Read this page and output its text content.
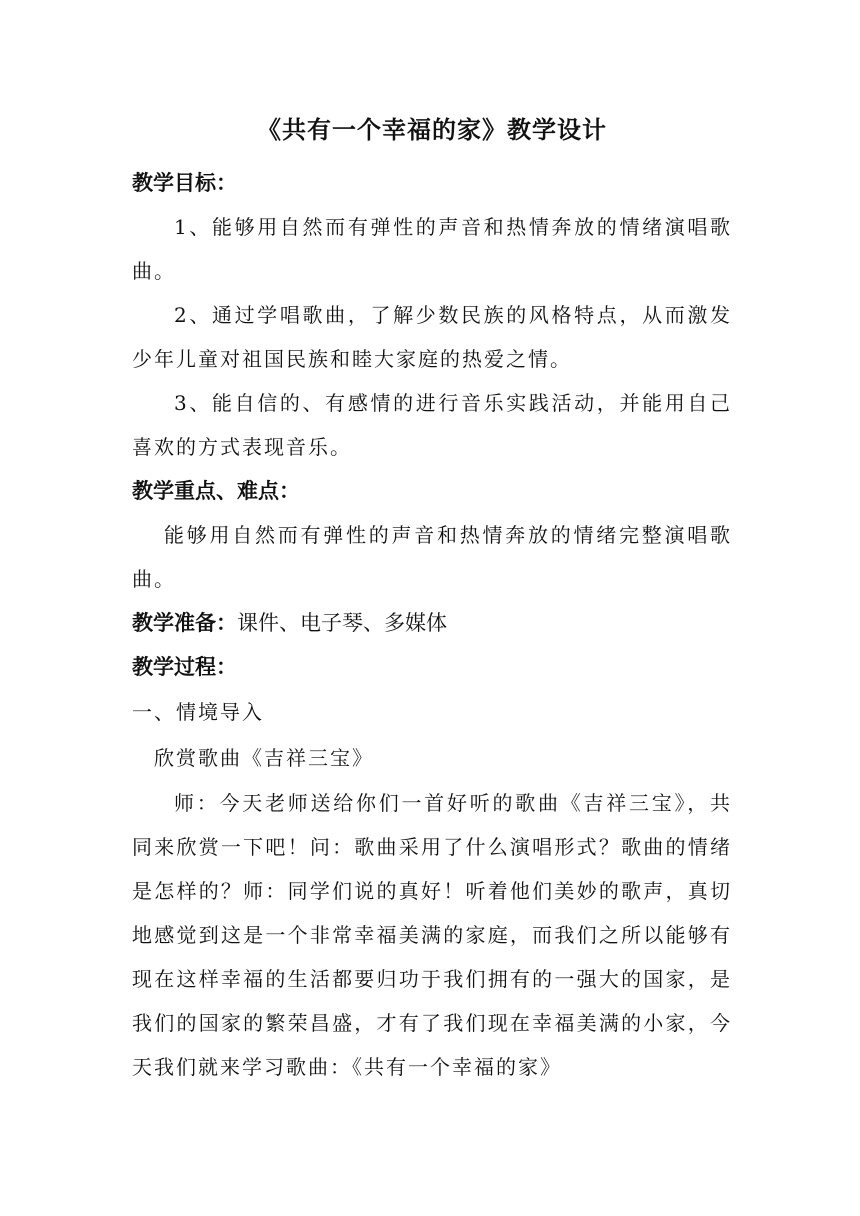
《共有一个幸福的家》教学设计

教学目标：

1、能够用自然而有弹性的声音和热情奔放的情绪演唱歌曲。

2、通过学唱歌曲，了解少数民族的风格特点，从而激发少年儿童对祖国民族和睦大家庭的热爱之情。

3、能自信的、有感情的进行音乐实践活动，并能用自己喜欢的方式表现音乐。

教学重点、难点：

能够用自然而有弹性的声音和热情奔放的情绪完整演唱歌曲。

教学准备：课件、电子琴、多媒体

教学过程：

一、情境导入

欣赏歌曲《吉祥三宝》

师：今天老师送给你们一首好听的歌曲《吉祥三宝》，共同来欣赏一下吧！问：歌曲采用了什么演唱形式？歌曲的情绪是怎样的？师：同学们说的真好！听着他们美妙的歌声，真切地感觉到这是一个非常幸福美满的家庭，而我们之所以能够有现在这样幸福的生活都要归功于我们拥有的一强大的国家，是我们的国家的繁荣昌盛，才有了我们现在幸福美满的小家，今天我们就来学习歌曲：《共有一个幸福的家》
